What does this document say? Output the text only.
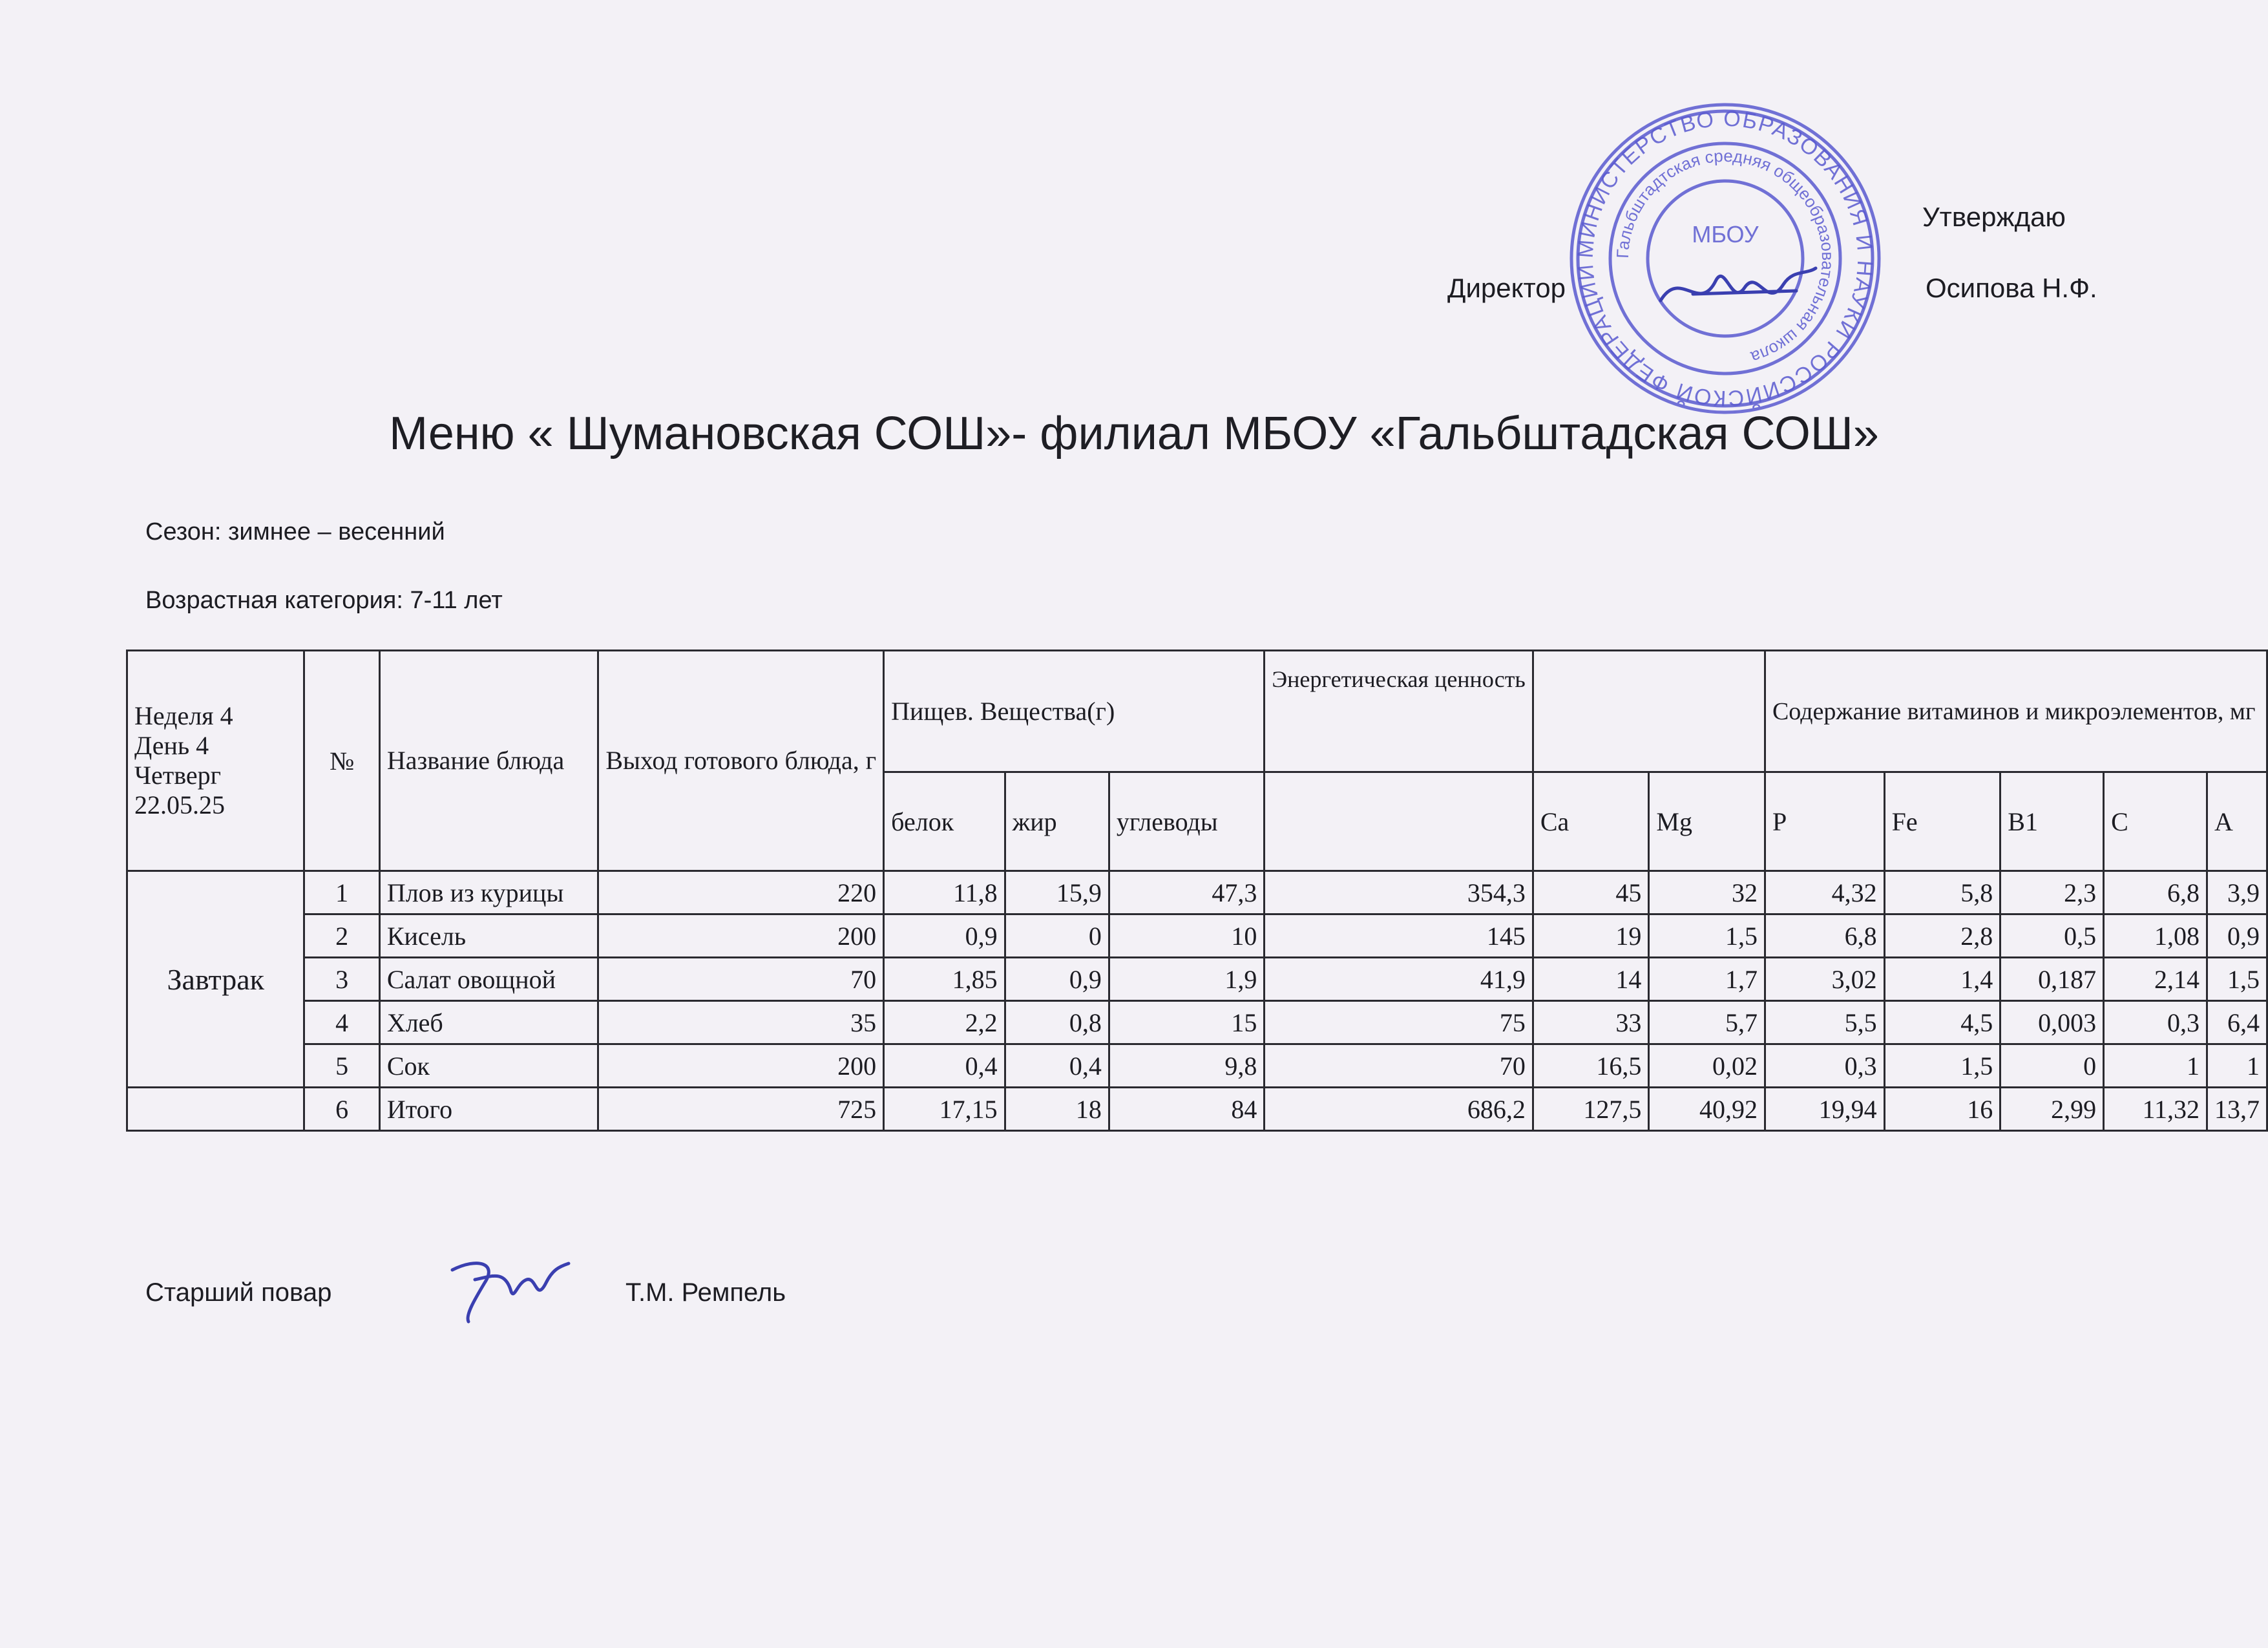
Утверждаю
Директор	Осипова Н.Ф.
МИНИСТЕРСТВО ОБРАЗОВАНИЯ И НАУКИ РОССИЙСКОЙ ФЕДЕРАЦИИ
Гальбштадтская средняя общеобразовательная школа
МБОУ
Меню « Шумановская СОШ»- филиал МБОУ «Гальбштадская СОШ»
Сезон: зимнее – весенний
Возрастная категория: 7-11 лет
Неделя 4
День 4
Четверг
22.05.25	№	Название блюда	Выход готового блюда, г	Пищев. Вещества(г)			Энергетическая ценность			Содержание витаминов и микроэлементов, мг				
				белок	жир	углеводы		Ca	Mg	P	Fe	B1	C	A
Завтрак	1	Плов из курицы	220	11,8	15,9	47,3	354,3	45	32	4,32	5,8	2,3	6,8	3,9
	2	Кисель	200	0,9	0	10	145	19	1,5	6,8	2,8	0,5	1,08	0,9
	3	Салат овощной	70	1,85	0,9	1,9	41,9	14	1,7	3,02	1,4	0,187	2,14	1,5
	4	Хлеб	35	2,2	0,8	15	75	33	5,7	5,5	4,5	0,003	0,3	6,4
	5	Сок	200	0,4	0,4	9,8	70	16,5	0,02	0,3	1,5	0	1	1
	6	Итого	725	17,15	18	84	686,2	127,5	40,92	19,94	16	2,99	11,32	13,7
Старший повар	Т.М. Ремпель
